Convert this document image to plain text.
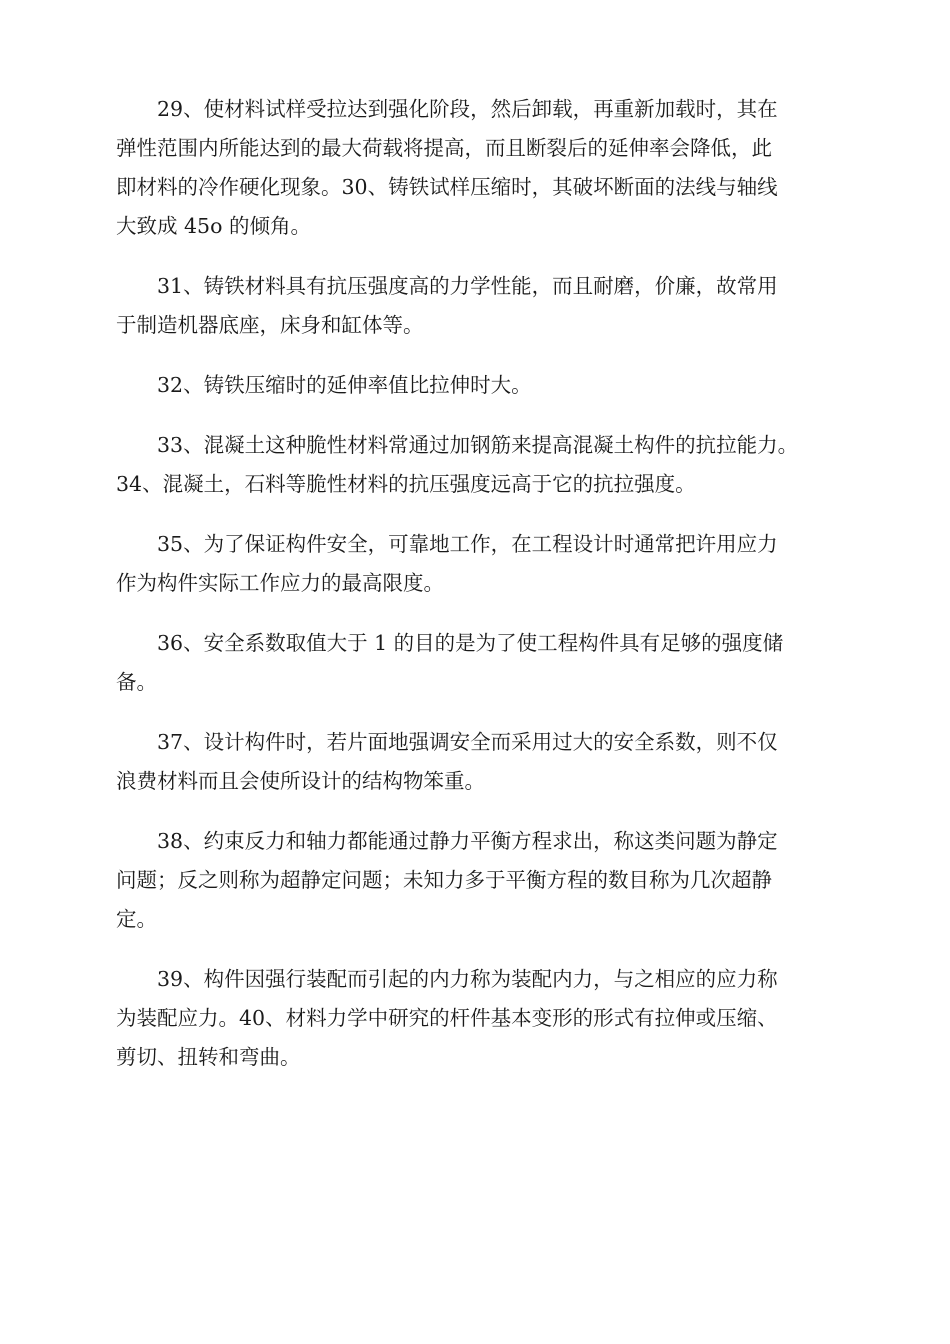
29、使材料试样受拉达到强化阶段，然后卸载，再重新加载时，其在
弹性范围内所能达到的最大荷载将提高，而且断裂后的延伸率会降低，此
即材料的冷作硬化现象。30、铸铁试样压缩时，其破坏断面的法线与轴线
大致成 45o 的倾角。

31、铸铁材料具有抗压强度高的力学性能，而且耐磨，价廉，故常用
于制造机器底座，床身和缸体等。

32、铸铁压缩时的延伸率值比拉伸时大。

33、混凝土这种脆性材料常通过加钢筋来提高混凝土构件的抗拉能力。
34、混凝土，石料等脆性材料的抗压强度远高于它的抗拉强度。

35、为了保证构件安全，可靠地工作，在工程设计时通常把许用应力
作为构件实际工作应力的最高限度。

36、安全系数取值大于 1 的目的是为了使工程构件具有足够的强度储
备。

37、设计构件时，若片面地强调安全而采用过大的安全系数，则不仅
浪费材料而且会使所设计的结构物笨重。

38、约束反力和轴力都能通过静力平衡方程求出，称这类问题为静定
问题；反之则称为超静定问题；未知力多于平衡方程的数目称为几次超静
定。

39、构件因强行装配而引起的内力称为装配内力，与之相应的应力称
为装配应力。40、材料力学中研究的杆件基本变形的形式有拉伸或压缩、
剪切、扭转和弯曲。
